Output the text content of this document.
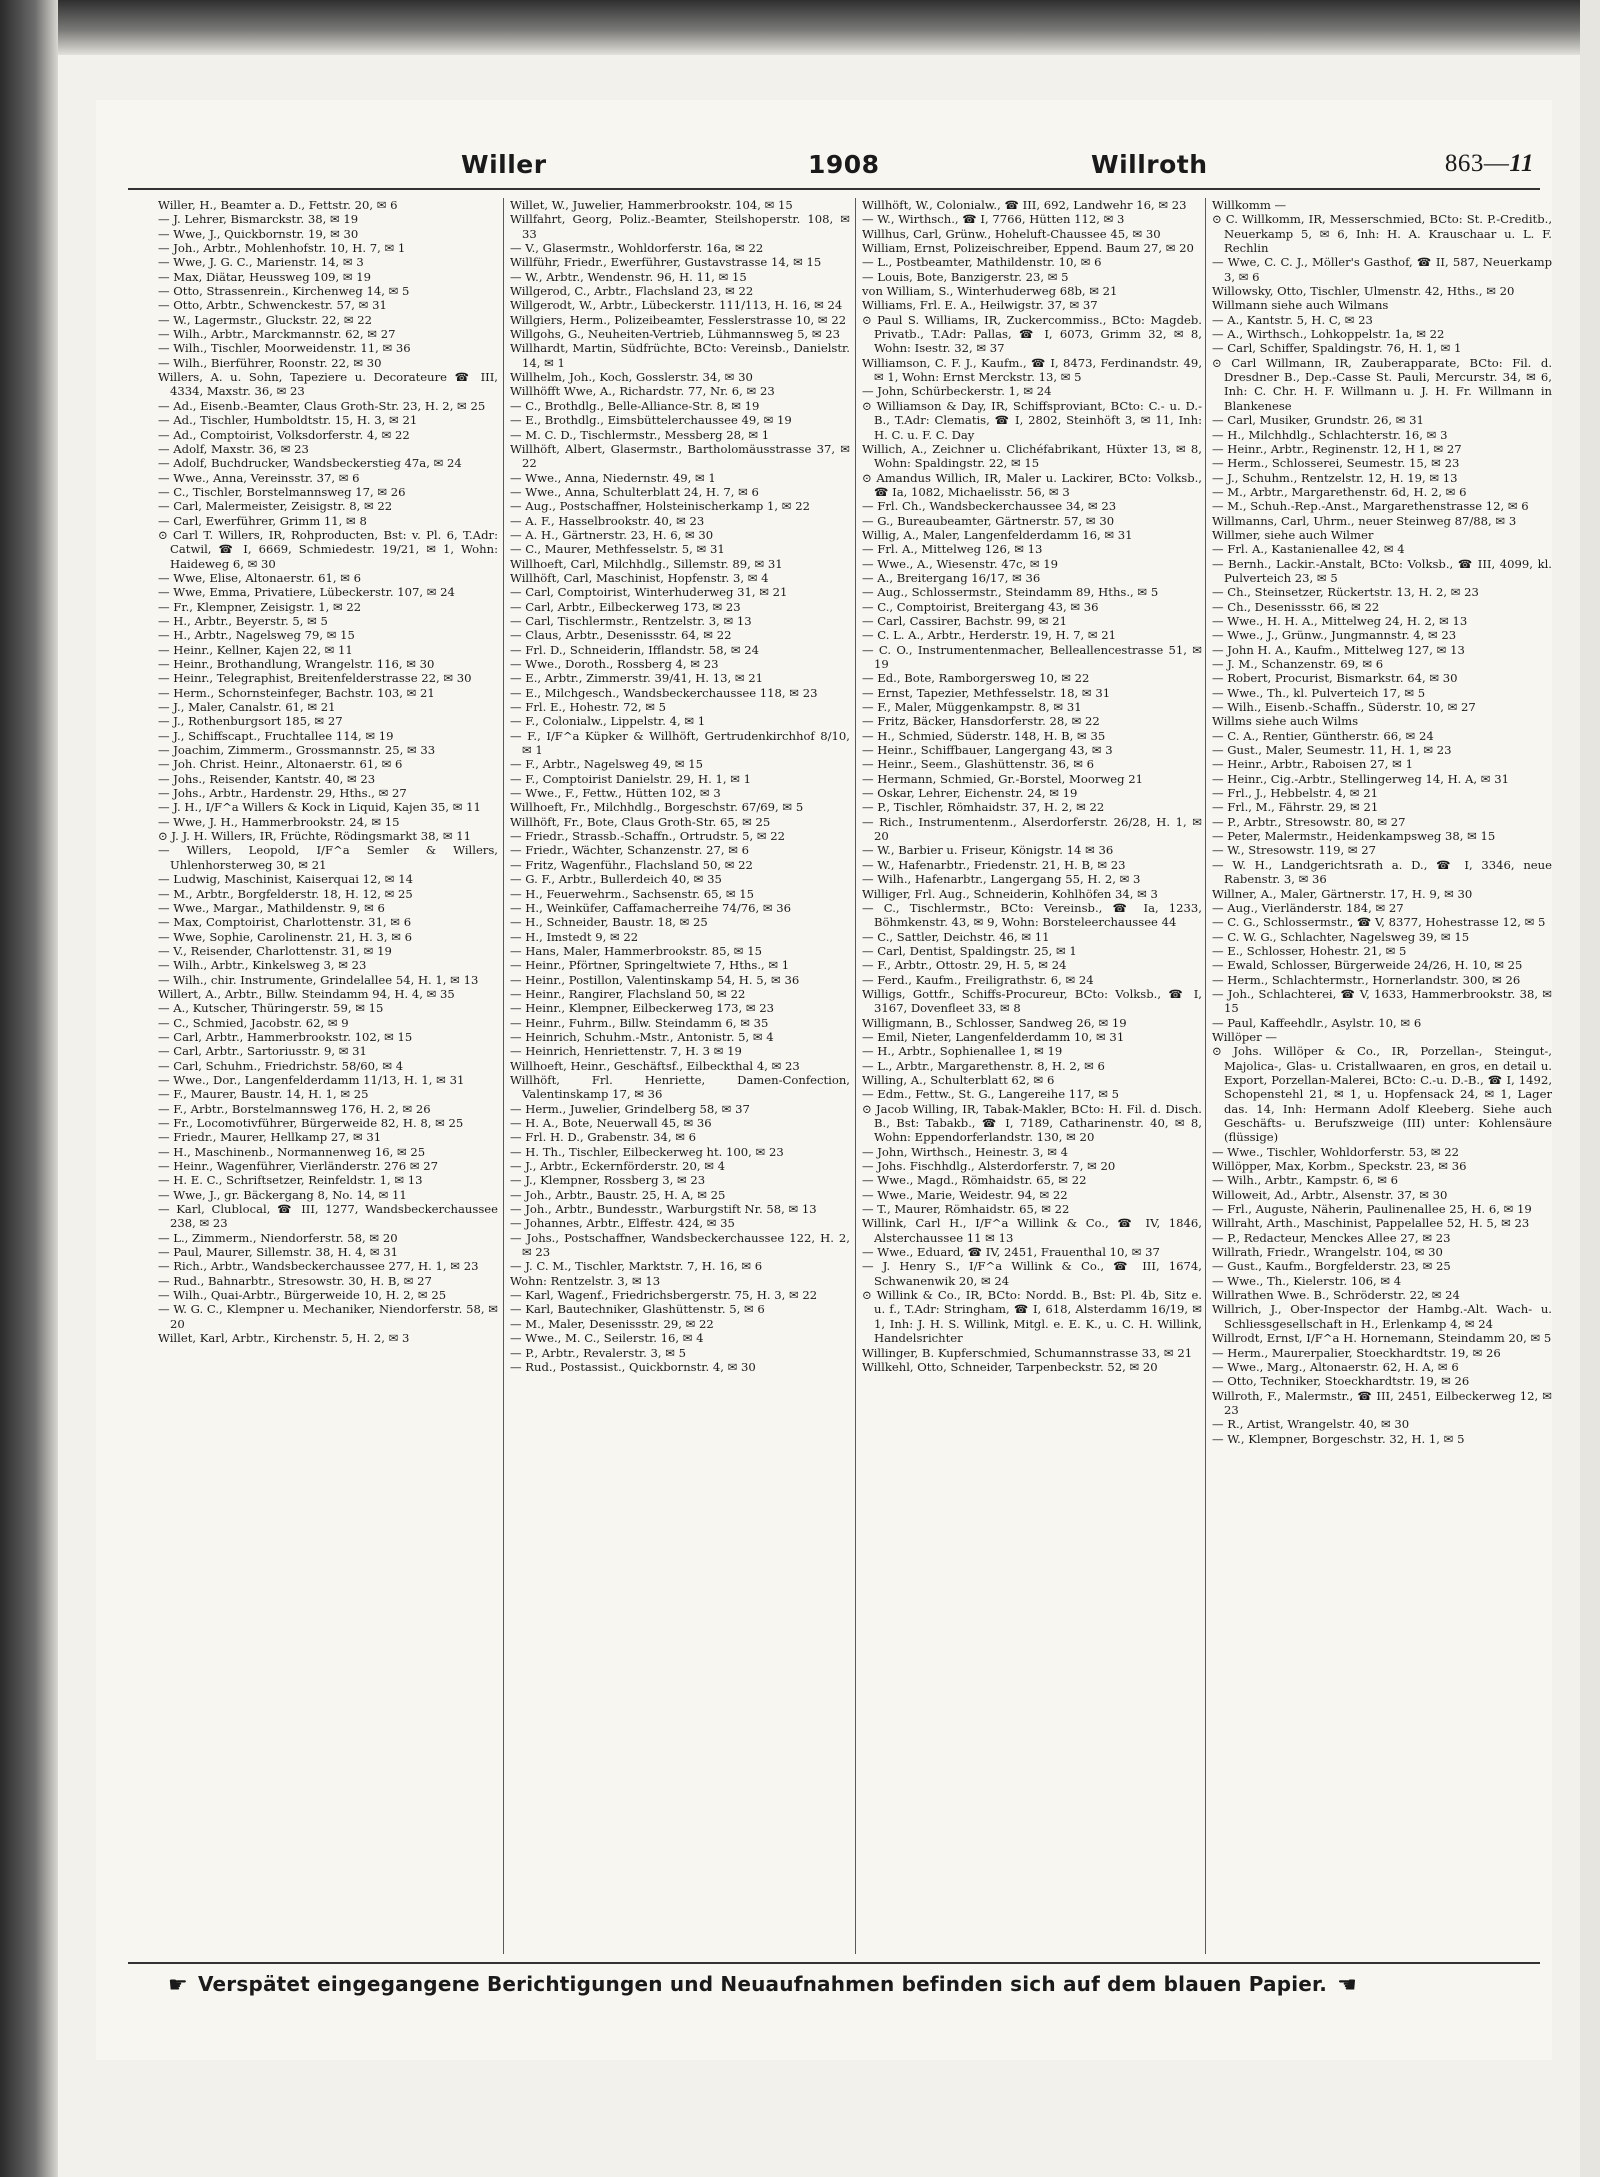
Willer	1908	Willroth	863—11

Willer, H., Beamter a. D., Fettstr. 20, ✉ 6

— J. Lehrer, Bismarckstr. 38, ✉ 19

— Wwe, J., Quickbornstr. 19, ✉ 30

— Joh., Arbtr., Mohlenhofstr. 10, H. 7, ✉ 1

— Wwe, J. G. C., Marienstr. 14, ✉ 3

— Max, Diätar, Heussweg 109, ✉ 19

— Otto, Strassenrein., Kirchenweg 14, ✉ 5

— Otto, Arbtr., Schwenckestr. 57, ✉ 31

— W., Lagermstr., Gluckstr. 22, ✉ 22

— Wilh., Arbtr., Marckmannstr. 62, ✉ 27

— Wilh., Tischler, Moorweidenstr. 11, ✉ 36

— Wilh., Bierführer, Roonstr. 22, ✉ 30

Willers, A. u. Sohn, Tapeziere u. Decorateure ☎ III, 4334, Maxstr. 36, ✉ 23

— Ad., Eisenb.-Beamter, Claus Groth-Str. 23, H. 2, ✉ 25

— Ad., Tischler, Humboldtstr. 15, H. 3, ✉ 21

— Ad., Comptoirist, Volksdorferstr. 4, ✉ 22

— Adolf, Maxstr. 36, ✉ 23

— Adolf, Buchdrucker, Wandsbeckerstieg 47a, ✉ 24

— Wwe., Anna, Vereinsstr. 37, ✉ 6

— C., Tischler, Borstelmannsweg 17, ✉ 26

— Carl, Malermeister, Zeisigstr. 8, ✉ 22

— Carl, Ewerführer, Grimm 11, ✉ 8

⊙ Carl T. Willers, IR, Rohproducten, Bst: v. Pl. 6, T.Adr: Catwil, ☎ I, 6669, Schmiedestr. 19/21, ✉ 1, Wohn: Haideweg 6, ✉ 30

— Wwe, Elise, Altonaerstr. 61, ✉ 6

— Wwe, Emma, Privatiere, Lübeckerstr. 107, ✉ 24

— Fr., Klempner, Zeisigstr. 1, ✉ 22

— H., Arbtr., Beyerstr. 5, ✉ 5

— H., Arbtr., Nagelsweg 79, ✉ 15

— Heinr., Kellner, Kajen 22, ✉ 11

— Heinr., Brothandlung, Wrangelstr. 116, ✉ 30

— Heinr., Telegraphist, Breitenfelderstrasse 22, ✉ 30

— Herm., Schornsteinfeger, Bachstr. 103, ✉ 21

— J., Maler, Canalstr. 61, ✉ 21

— J., Rothenburgsort 185, ✉ 27

— J., Schiffscapt., Fruchtallee 114, ✉ 19

— Joachim, Zimmerm., Grossmannstr. 25, ✉ 33

— Joh. Christ. Heinr., Altonaerstr. 61, ✉ 6

— Johs., Reisender, Kantstr. 40, ✉ 23

— Johs., Arbtr., Hardenstr. 29, Hths., ✉ 27

— J. H., I/F^a Willers & Kock in Liquid, Kajen 35, ✉ 11

— Wwe, J. H., Hammerbrookstr. 24, ✉ 15

⊙ J. J. H. Willers, IR, Früchte, Rödingsmarkt 38, ✉ 11

— Willers, Leopold, I/F^a Semler & Willers, Uhlenhorsterweg 30, ✉ 21

— Ludwig, Maschinist, Kaiserquai 12, ✉ 14

— M., Arbtr., Borgfelderstr. 18, H. 12, ✉ 25

— Wwe., Margar., Mathildenstr. 9, ✉ 6

— Max, Comptoirist, Charlottenstr. 31, ✉ 6

— Wwe, Sophie, Carolinenstr. 21, H. 3, ✉ 6

— V., Reisender, Charlottenstr. 31, ✉ 19

— Wilh., Arbtr., Kinkelsweg 3, ✉ 23

— Wilh., chir. Instrumente, Grindelallee 54, H. 1, ✉ 13

Willert, A., Arbtr., Billw. Steindamm 94, H. 4, ✉ 35

— A., Kutscher, Thüringerstr. 59, ✉ 15

— C., Schmied, Jacobstr. 62, ✉ 9

— Carl, Arbtr., Hammerbrookstr. 102, ✉ 15

— Carl, Arbtr., Sartoriusstr. 9, ✉ 31

— Carl, Schuhm., Friedrichstr. 58/60, ✉ 4

— Wwe., Dor., Langenfelderdamm 11/13, H. 1, ✉ 31

— F., Maurer, Baustr. 14, H. 1, ✉ 25

— F., Arbtr., Borstelmannsweg 176, H. 2, ✉ 26

— Fr., Locomotivführer, Bürgerweide 82, H. 8, ✉ 25

— Friedr., Maurer, Hellkamp 27, ✉ 31

— H., Maschinenb., Normannenweg 16, ✉ 25

— Heinr., Wagenführer, Vierländerstr. 276 ✉ 27

— H. E. C., Schriftsetzer, Reinfeldstr. 1, ✉ 13

— Wwe, J., gr. Bäckergang 8, No. 14, ✉ 11

— Karl, Clublocal, ☎ III, 1277, Wandsbeckerchaussee 238, ✉ 23

— L., Zimmerm., Niendorferstr. 58, ✉ 20

— Paul, Maurer, Sillemstr. 38, H. 4, ✉ 31

— Rich., Arbtr., Wandsbeckerchaussee 277, H. 1, ✉ 23

— Rud., Bahnarbtr., Stresowstr. 30, H. B, ✉ 27

— Wilh., Quai-Arbtr., Bürgerweide 10, H. 2, ✉ 25

— W. G. C., Klempner u. Mechaniker, Niendorferstr. 58, ✉ 20

Willet, Karl, Arbtr., Kirchenstr. 5, H. 2, ✉ 3

Willet, W., Juwelier, Hammerbrookstr. 104, ✉ 15

Willfahrt, Georg, Poliz.-Beamter, Steilshoperstr. 108, ✉ 33

— V., Glasermstr., Wohldorferstr. 16a, ✉ 22

Willführ, Friedr., Ewerführer, Gustavstrasse 14, ✉ 15

— W., Arbtr., Wendenstr. 96, H. 11, ✉ 15

Willgerod, C., Arbtr., Flachsland 23, ✉ 22

Willgerodt, W., Arbtr., Lübeckerstr. 111/113, H. 16, ✉ 24

Willgiers, Herm., Polizeibeamter, Fesslerstrasse 10, ✉ 22

Willgohs, G., Neuheiten-Vertrieb, Lühmannsweg 5, ✉ 23

Willhardt, Martin, Südfrüchte, BCto: Vereinsb., Danielstr. 14, ✉ 1

Willhelm, Joh., Koch, Gosslerstr. 34, ✉ 30

Willhöfft Wwe, A., Richardstr. 77, Nr. 6, ✉ 23

— C., Brothdlg., Belle-Alliance-Str. 8, ✉ 19

— E., Brothdlg., Eimsbüttelerchaussee 49, ✉ 19

— M. C. D., Tischlermstr., Messberg 28, ✉ 1

Willhöft, Albert, Glasermstr., Bartholomäusstrasse 37, ✉ 22

— Wwe., Anna, Niedernstr. 49, ✉ 1

— Wwe., Anna, Schulterblatt 24, H. 7, ✉ 6

— Aug., Postschaffner, Holsteinischerkamp 1, ✉ 22

— A. F., Hasselbrookstr. 40, ✉ 23

— A. H., Gärtnerstr. 23, H. 6, ✉ 30

— C., Maurer, Methfesselstr. 5, ✉ 31

Willhoeft, Carl, Milchhdlg., Sillemstr. 89, ✉ 31

Willhöft, Carl, Maschinist, Hopfenstr. 3, ✉ 4

— Carl, Comptoirist, Winterhuderweg 31, ✉ 21

— Carl, Arbtr., Eilbeckerweg 173, ✉ 23

— Carl, Tischlermstr., Rentzelstr. 3, ✉ 13

— Claus, Arbtr., Desenissstr. 64, ✉ 22

— Frl. D., Schneiderin, Ifflandstr. 58, ✉ 24

— Wwe., Doroth., Rossberg 4, ✉ 23

— E., Arbtr., Zimmerstr. 39/41, H. 13, ✉ 21

— E., Milchgesch., Wandsbeckerchaussee 118, ✉ 23

— Frl. E., Hohestr. 72, ✉ 5

— F., Colonialw., Lippelstr. 4, ✉ 1

— F., I/F^a Küpker & Willhöft, Gertrudenkirchhof 8/10, ✉ 1

— F., Arbtr., Nagelsweg 49, ✉ 15

— F., Comptoirist Danielstr. 29, H. 1, ✉ 1

— Wwe., F., Fettw., Hütten 102, ✉ 3

Willhoeft, Fr., Milchhdlg., Borgeschstr. 67/69, ✉ 5

Willhöft, Fr., Bote, Claus Groth-Str. 65, ✉ 25

— Friedr., Strassb.-Schaffn., Ortrudstr. 5, ✉ 22

— Friedr., Wächter, Schanzenstr. 27, ✉ 6

— Fritz, Wagenführ., Flachsland 50, ✉ 22

— G. F., Arbtr., Bullerdeich 40, ✉ 35

— H., Feuerwehrm., Sachsenstr. 65, ✉ 15

— H., Weinküfer, Caffamacherreihe 74/76, ✉ 36

— H., Schneider, Baustr. 18, ✉ 25

— H., Imstedt 9, ✉ 22

— Hans, Maler, Hammerbrookstr. 85, ✉ 15

— Heinr., Pförtner, Springeltwiete 7, Hths., ✉ 1

— Heinr., Postillon, Valentinskamp 54, H. 5, ✉ 36

— Heinr., Rangirer, Flachsland 50, ✉ 22

— Heinr., Klempner, Eilbeckerweg 173, ✉ 23

— Heinr., Fuhrm., Billw. Steindamm 6, ✉ 35

— Heinrich, Schuhm.-Mstr., Antonistr. 5, ✉ 4

— Heinrich, Henriettenstr. 7, H. 3 ✉ 19

Willhoeft, Heinr., Geschäftsf., Eilbeckthal 4, ✉ 23

Willhöft, Frl. Henriette, Damen-Confection, Valentinskamp 17, ✉ 36

— Herm., Juwelier, Grindelberg 58, ✉ 37

— H. A., Bote, Neuerwall 45, ✉ 36

— Frl. H. D., Grabenstr. 34, ✉ 6

— H. Th., Tischler, Eilbeckerweg ht. 100, ✉ 23

— J., Arbtr., Eckernförderstr. 20, ✉ 4

— J., Klempner, Rossberg 3, ✉ 23

— Joh., Arbtr., Baustr. 25, H. A, ✉ 25

— Joh., Arbtr., Bundesstr., Warburgstift Nr. 58, ✉ 13

— Johannes, Arbtr., Elffestr. 424, ✉ 35

— Johs., Postschaffner, Wandsbeckerchaussee 122, H. 2, ✉ 23

— J. C. M., Tischler, Marktstr. 7, H. 16, ✉ 6

Wohn: Rentzelstr. 3, ✉ 13

— Karl, Wagenf., Friedrichsbergerstr. 75, H. 3, ✉ 22

— Karl, Bautechniker, Glashüttenstr. 5, ✉ 6

— M., Maler, Desenissstr. 29, ✉ 22

— Wwe., M. C., Seilerstr. 16, ✉ 4

— P., Arbtr., Revalerstr. 3, ✉ 5

— Rud., Postassist., Quickbornstr. 4, ✉ 30

Willhöft, W., Colonialw., ☎ III, 692, Landwehr 16, ✉ 23

— W., Wirthsch., ☎ I, 7766, Hütten 112, ✉ 3

Willhus, Carl, Grünw., Hoheluft-Chaussee 45, ✉ 30

William, Ernst, Polizeischreiber, Eppend. Baum 27, ✉ 20

— L., Postbeamter, Mathildenstr. 10, ✉ 6

— Louis, Bote, Banzigerstr. 23, ✉ 5

von William, S., Winterhuderweg 68b, ✉ 21

Williams, Frl. E. A., Heilwigstr. 37, ✉ 37

⊙ Paul S. Williams, IR, Zuckercommiss., BCto: Magdeb. Privatb., T.Adr: Pallas, ☎ I, 6073, Grimm 32, ✉ 8, Wohn: Isestr. 32, ✉ 37

Williamson, C. F. J., Kaufm., ☎ I, 8473, Ferdinandstr. 49, ✉ 1, Wohn: Ernst Merckstr. 13, ✉ 5

— John, Schürbeckerstr. 1, ✉ 24

⊙ Williamson & Day, IR, Schiffsproviant, BCto: C.- u. D.-B., T.Adr: Clematis, ☎ I, 2802, Steinhöft 3, ✉ 11, Inh: H. C. u. F. C. Day

Willich, A., Zeichner u. Clichéfabrikant, Hüxter 13, ✉ 8, Wohn: Spaldingstr. 22, ✉ 15

⊙ Amandus Willich, IR, Maler u. Lackirer, BCto: Volksb., ☎ Ia, 1082, Michaelisstr. 56, ✉ 3

— Frl. Ch., Wandsbeckerchaussee 34, ✉ 23

— G., Bureaubeamter, Gärtnerstr. 57, ✉ 30

Willig, A., Maler, Langenfelderdamm 16, ✉ 31

— Frl. A., Mittelweg 126, ✉ 13

— Wwe., A., Wiesenstr. 47c, ✉ 19

— A., Breitergang 16/17, ✉ 36

— Aug., Schlossermstr., Steindamm 89, Hths., ✉ 5

— C., Comptoirist, Breitergang 43, ✉ 36

— Carl, Cassirer, Bachstr. 99, ✉ 21

— C. L. A., Arbtr., Herderstr. 19, H. 7, ✉ 21

— C. O., Instrumentenmacher, Belleallencestrasse 51, ✉ 19

— Ed., Bote, Ramborgersweg 10, ✉ 22

— Ernst, Tapezier, Methfesselstr. 18, ✉ 31

— F., Maler, Müggenkampstr. 8, ✉ 31

— Fritz, Bäcker, Hansdorferstr. 28, ✉ 22

— H., Schmied, Süderstr. 148, H. B, ✉ 35

— Heinr., Schiffbauer, Langergang 43, ✉ 3

— Heinr., Seem., Glashüttenstr. 36, ✉ 6

— Hermann, Schmied, Gr.-Borstel, Moorweg 21

— Oskar, Lehrer, Eichenstr. 24, ✉ 19

— P., Tischler, Römhaidstr. 37, H. 2, ✉ 22

— Rich., Instrumentenm., Alserdorferstr. 26/28, H. 1, ✉ 20

— W., Barbier u. Friseur, Königstr. 14 ✉ 36

— W., Hafenarbtr., Friedenstr. 21, H. B, ✉ 23

— Wilh., Hafenarbtr., Langergang 55, H. 2, ✉ 3

Williger, Frl. Aug., Schneiderin, Kohlhöfen 34, ✉ 3

— C., Tischlermstr., BCto: Vereinsb., ☎ Ia, 1233, Böhmkenstr. 43, ✉ 9, Wohn: Borsteleerchaussee 44

— C., Sattler, Deichstr. 46, ✉ 11

— Carl, Dentist, Spaldingstr. 25, ✉ 1

— F., Arbtr., Ottostr. 29, H. 5, ✉ 24

— Ferd., Kaufm., Freiligrathstr. 6, ✉ 24

Willigs, Gottfr., Schiffs-Procureur, BCto: Volksb., ☎ I, 3167, Dovenfleet 33, ✉ 8

Willigmann, B., Schlosser, Sandweg 26, ✉ 19

— Emil, Nieter, Langenfelderdamm 10, ✉ 31

— H., Arbtr., Sophienallee 1, ✉ 19

— L., Arbtr., Margarethenstr. 8, H. 2, ✉ 6

Willing, A., Schulterblatt 62, ✉ 6

— Edm., Fettw., St. G., Langereihe 117, ✉ 5

⊙ Jacob Willing, IR, Tabak-Makler, BCto: H. Fil. d. Disch. B., Bst: Tabakb., ☎ I, 7189, Catharinenstr. 40, ✉ 8, Wohn: Eppendorferlandstr. 130, ✉ 20

— John, Wirthsch., Heinestr. 3, ✉ 4

— Johs. Fischhdlg., Alsterdorferstr. 7, ✉ 20

— Wwe., Magd., Römhaidstr. 65, ✉ 22

— Wwe., Marie, Weidestr. 94, ✉ 22

— T., Maurer, Römhaidstr. 65, ✉ 22

Willink, Carl H., I/F^a Willink & Co., ☎ IV, 1846, Alsterchaussee 11 ✉ 13

— Wwe., Eduard, ☎ IV, 2451, Frauenthal 10, ✉ 37

— J. Henry S., I/F^a Willink & Co., ☎ III, 1674, Schwanenwik 20, ✉ 24

⊙ Willink & Co., IR, BCto: Nordd. B., Bst: Pl. 4b, Sitz e. u. f., T.Adr: Stringham, ☎ I, 618, Alsterdamm 16/19, ✉ 1, Inh: J. H. S. Willink, Mitgl. e. E. K., u. C. H. Willink, Handelsrichter

Willinger, B. Kupferschmied, Schumannstrasse 33, ✉ 21

Willkehl, Otto, Schneider, Tarpenbeckstr. 52, ✉ 20

Willkomm —

⊙ C. Willkomm, IR, Messerschmied, BCto: St. P.-Creditb., Neuerkamp 5, ✉ 6, Inh: H. A. Krauschaar u. L. F. Rechlin

— Wwe, C. C. J., Möller's Gasthof, ☎ II, 587, Neuerkamp 3, ✉ 6

Willowsky, Otto, Tischler, Ulmenstr. 42, Hths., ✉ 20

Willmann siehe auch Wilmans

— A., Kantstr. 5, H. C, ✉ 23

— A., Wirthsch., Lohkoppelstr. 1a, ✉ 22

— Carl, Schiffer, Spaldingstr. 76, H. 1, ✉ 1

⊙ Carl Willmann, IR, Zauberapparate, BCto: Fil. d. Dresdner B., Dep.-Casse St. Pauli, Mercurstr. 34, ✉ 6, Inh: C. Chr. H. F. Willmann u. J. H. Fr. Willmann in Blankenese

— Carl, Musiker, Grundstr. 26, ✉ 31

— H., Milchhdlg., Schlachterstr. 16, ✉ 3

— Heinr., Arbtr., Reginenstr. 12, H 1, ✉ 27

— Herm., Schlosserei, Seumestr. 15, ✉ 23

— J., Schuhm., Rentzelstr. 12, H. 19, ✉ 13

— M., Arbtr., Margarethenstr. 6d, H. 2, ✉ 6

— M., Schuh.-Rep.-Anst., Margarethenstrasse 12, ✉ 6

Willmanns, Carl, Uhrm., neuer Steinweg 87/88, ✉ 3

Willmer, siehe auch Wilmer

— Frl. A., Kastanienallee 42, ✉ 4

— Bernh., Lackir.-Anstalt, BCto: Volksb., ☎ III, 4099, kl. Pulverteich 23, ✉ 5

— Ch., Steinsetzer, Rückertstr. 13, H. 2, ✉ 23

— Ch., Desenissstr. 66, ✉ 22

— Wwe., H. H. A., Mittelweg 24, H. 2, ✉ 13

— Wwe., J., Grünw., Jungmannstr. 4, ✉ 23

— John H. A., Kaufm., Mittelweg 127, ✉ 13

— J. M., Schanzenstr. 69, ✉ 6

— Robert, Procurist, Bismarkstr. 64, ✉ 30

— Wwe., Th., kl. Pulverteich 17, ✉ 5

— Wilh., Eisenb.-Schaffn., Süderstr. 10, ✉ 27

Willms siehe auch Wilms

— C. A., Rentier, Güntherstr. 66, ✉ 24

— Gust., Maler, Seumestr. 11, H. 1, ✉ 23

— Heinr., Arbtr., Raboisen 27, ✉ 1

— Heinr., Cig.-Arbtr., Stellingerweg 14, H. A, ✉ 31

— Frl., J., Hebbelstr. 4, ✉ 21

— Frl., M., Fährstr. 29, ✉ 21

— P., Arbtr., Stresowstr. 80, ✉ 27

— Peter, Malermstr., Heidenkampsweg 38, ✉ 15

— W., Stresowstr. 119, ✉ 27

— W. H., Landgerichtsrath a. D., ☎ I, 3346, neue Rabenstr. 3, ✉ 36

Willner, A., Maler, Gärtnerstr. 17, H. 9, ✉ 30

— Aug., Vierländerstr. 184, ✉ 27

— C. G., Schlossermstr., ☎ V, 8377, Hohestrasse 12, ✉ 5

— C. W. G., Schlachter, Nagelsweg 39, ✉ 15

— E., Schlosser, Hohestr. 21, ✉ 5

— Ewald, Schlosser, Bürgerweide 24/26, H. 10, ✉ 25

— Herm., Schlachtermstr., Hornerlandstr. 300, ✉ 26

— Joh., Schlachterei, ☎ V, 1633, Hammerbrookstr. 38, ✉ 15

— Paul, Kaffeehdlr., Asylstr. 10, ✉ 6

Willöper —

⊙ Johs. Willöper & Co., IR, Porzellan-, Steingut-, Majolica-, Glas- u. Cristallwaaren, en gros, en detail u. Export, Porzellan-Malerei, BCto: C.-u. D.-B., ☎ I, 1492, Schopenstehl 21, ✉ 1, u. Hopfensack 24, ✉ 1, Lager das. 14, Inh: Hermann Adolf Kleeberg. Siehe auch Geschäfts- u. Berufszweige (III) unter: Kohlensäure (flüssige)

— Wwe., Tischler, Wohldorferstr. 53, ✉ 22

Willöpper, Max, Korbm., Speckstr. 23, ✉ 36

— Wilh., Arbtr., Kampstr. 6, ✉ 6

Willoweit, Ad., Arbtr., Alsenstr. 37, ✉ 30

— Frl., Auguste, Näherin, Paulinenallee 25, H. 6, ✉ 19

Willraht, Arth., Maschinist, Pappelallee 52, H. 5, ✉ 23

— P., Redacteur, Menckes Allee 27, ✉ 23

Willrath, Friedr., Wrangelstr. 104, ✉ 30

— Gust., Kaufm., Borgfelderstr. 23, ✉ 25

— Wwe., Th., Kielerstr. 106, ✉ 4

Willrathen Wwe. B., Schröderstr. 22, ✉ 24

Willrich, J., Ober-Inspector der Hambg.-Alt. Wach- u. Schliessgesellschaft in H., Erlenkamp 4, ✉ 24

Willrodt, Ernst, I/F^a H. Hornemann, Steindamm 20, ✉ 5

— Herm., Maurerpalier, Stoeckhardtstr. 19, ✉ 26

— Wwe., Marg., Altonaerstr. 62, H. A, ✉ 6

— Otto, Techniker, Stoeckhardtstr. 19, ✉ 26

Willroth, F., Malermstr., ☎ III, 2451, Eilbeckerweg 12, ✉ 23

— R., Artist, Wrangelstr. 40, ✉ 30

— W., Klempner, Borgeschstr. 32, H. 1, ✉ 5

☛ Verspätet eingegangene Berichtigungen und Neuaufnahmen befinden sich auf dem blauen Papier. ☚
